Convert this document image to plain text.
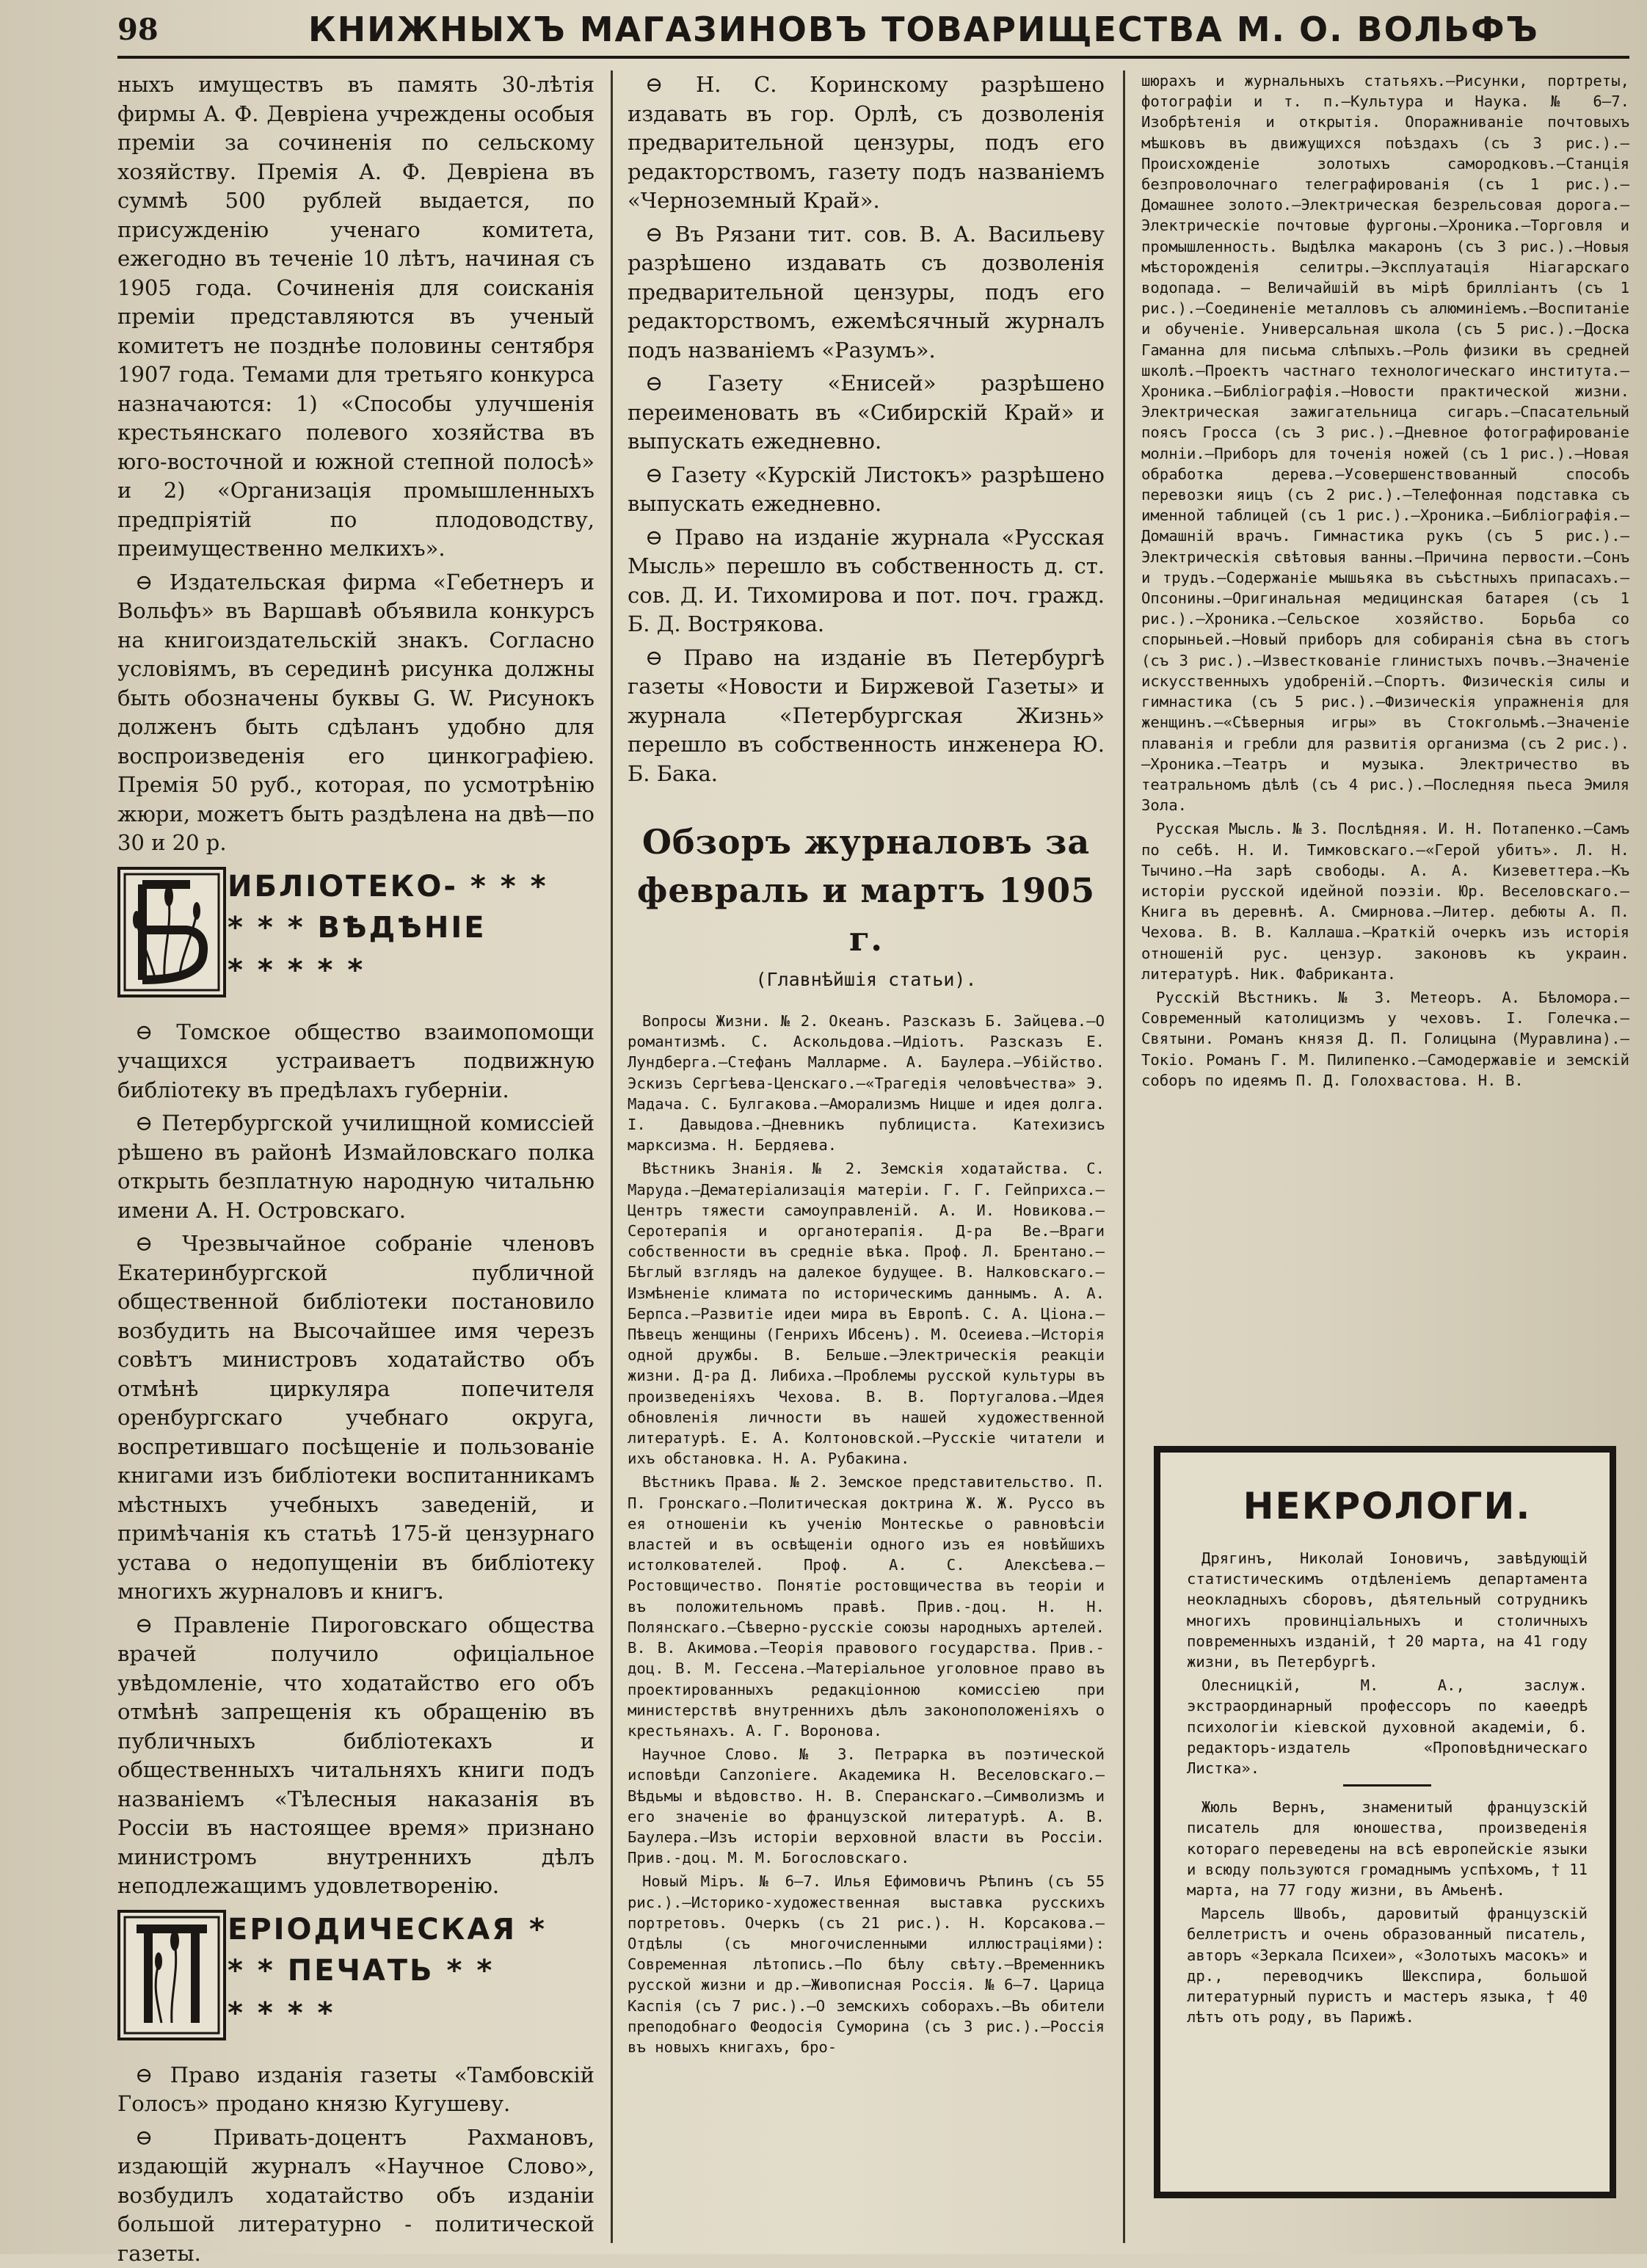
98	КНИЖНЫХЪ МАГАЗИНОВЪ ТОВАРИЩЕСТВА М. О. ВОЛЬФЪ

ныхъ имуществъ въ память 30-лѣтія фирмы А. Ф. Девріена учреждены особыя преміи за сочиненія по сельскому хозяйству. Премія А. Ф. Девріена въ суммѣ 500 рублей выдается, по присужденію ученаго комитета, ежегодно въ теченіе 10 лѣтъ, начиная съ 1905 года. Сочиненія для соисканія преміи представляются въ ученый комитетъ не позднѣе половины сентября 1907 года. Темами для третьяго конкурса назначаются: 1) «Способы улучшенія крестьянскаго полевого хозяйства въ юго-восточной и южной степной полосѣ» и 2) «Организація промышленныхъ предпріятій по плодоводству, преимущественно мелкихъ».

⊖ Издательская фирма «Гебетнеръ и Вольфъ» въ Варшавѣ объявила конкурсъ на книгоиздательскій знакъ. Согласно условіямъ, въ серединѣ рисунка должны быть обозначены буквы G. W. Рисунокъ долженъ быть сдѣланъ удобно для воспроизведенія его цинкографіею. Премія 50 руб., которая, по усмотрѣнію жюри, можетъ быть раздѣлена на двѣ—по 30 и 20 р.

ИБЛІОТЕКО- * * *
* * * ВѢДѢНІЕ
* * * * *

⊖ Томское общество взаимопомощи учащихся устраиваетъ подвижную библіотеку въ предѣлахъ губерніи.

⊖ Петербургской училищной комиссіей рѣшено въ районѣ Измайловскаго полка открыть безплатную народную читальню имени А. Н. Островскаго.

⊖ Чрезвычайное собраніе членовъ Екатеринбургской публичной общественной библіотеки постановило возбудить на Высочайшее имя черезъ совѣтъ министровъ ходатайство объ отмѣнѣ циркуляра попечителя оренбургскаго учебнаго округа, воспретившаго посѣщеніе и пользованіе книгами изъ библіотеки воспитанникамъ мѣстныхъ учебныхъ заведеній, и примѣчанія къ статьѣ 175-й цензурнаго устава о недопущеніи въ библіотеку многихъ журналовъ и книгъ.

⊖ Правленіе Пироговскаго общества врачей получило офиціальное увѣдомленіе, что ходатайство его объ отмѣнѣ запрещенія къ обращенію въ публичныхъ библіотекахъ и общественныхъ читальняхъ книги подъ названіемъ «Тѣлесныя наказанія въ Россіи въ настоящее время» признано министромъ внутреннихъ дѣлъ неподлежащимъ удовлетворенію.

ЕРІОДИЧЕСКАЯ *
* * ПЕЧАТЬ * *
* * * *

⊖ Право изданія газеты «Тамбовскій Голосъ» продано князю Кугушеву.

⊖ Привать-доцентъ Рахмановъ, издающій журналъ «Научное Слово», возбудилъ ходатайство объ изданіи большой литературно - политической газеты.

⊖ Н. С. Коринскому разрѣшено издавать въ гор. Орлѣ, съ дозволенія предварительной цензуры, подъ его редакторствомъ, газету подъ названіемъ «Черноземный Край».

⊖ Въ Рязани тит. сов. В. А. Васильеву разрѣшено издавать съ дозволенія предварительной цензуры, подъ его редакторствомъ, ежемѣсячный журналъ подъ названіемъ «Разумъ».

⊖ Газету «Енисей» разрѣшено переименовать въ «Сибирскій Край» и выпускать ежедневно.

⊖ Газету «Курскій Листокъ» разрѣшено выпускать ежедневно.

⊖ Право на изданіе журнала «Русская Мысль» перешло въ собственность д. ст. сов. Д. И. Тихомирова и пот. поч. гражд. Б. Д. Вострякова.

⊖ Право на изданіе въ Петербургѣ газеты «Новости и Биржевой Газеты» и журнала «Петербургская Жизнь» перешло въ собственность инженера Ю. Б. Бака.

Обзоръ журналовъ за февраль и мартъ 1905 г.
(Главнѣйшія статьи).

Вопросы Жизни. № 2. Океанъ. Разсказъ Б. Зайцева.—О романтизмѣ. С. Аскольдова.—Идіотъ. Разсказъ Е. Лундберга.—Стефанъ Малларме. А. Баулера.—Убійство. Эскизъ Сергѣева-Ценскаго.—«Трагедія человѣчества» Э. Мадача. С. Булгакова.—Аморализмъ Ницше и идея долга. I. Давыдова.—Дневникъ публициста. Катехизисъ марксизма. Н. Бердяева.

Вѣстникъ Знанія. № 2. Земскія ходатайства. С. Маруда.—Дематеріализація матеріи. Г. Г. Гейприхса.—Центръ тяжести самоуправленій. А. И. Новикова.—Серотерапія и органотерапія. Д-ра Ве.—Враги собственности въ средніе вѣка. Проф. Л. Брентано.—Бѣглый взглядъ на далекое будущее. В. Налковскаго.—Измѣненіе климата по историческимъ даннымъ. А. А. Берпса.—Развитіе идеи мира въ Европѣ. С. А. Ціона.—Пѣвецъ женщины (Генрихъ Ибсенъ). М. Осеиева.—Исторія одной дружбы. В. Бельше.—Электрическія реакціи жизни. Д-ра Д. Либиха.—Проблемы русской культуры въ произведеніяхъ Чехова. В. В. Португалова.—Идея обновленія личности въ нашей художественной литературѣ. Е. А. Колтоновской.—Русскіе читатели и ихъ обстановка. Н. А. Рубакина.

Вѣстникъ Права. № 2. Земское представительство. П. П. Гронскаго.—Политическая доктрина Ж. Ж. Руссо въ ея отношеніи къ ученію Монтескье о равновѣсіи властей и въ освѣщеніи одного изъ ея новѣйшихъ истолкователей. Проф. А. С. Алексѣева.—Ростовщичество. Понятіе ростовщичества въ теоріи и въ положительномъ правѣ. Прив.-доц. Н. Н. Полянскаго.—Сѣверно-русскіе союзы народныхъ артелей. В. В. Акимова.—Теорія правового государства. Прив.-доц. В. М. Гессена.—Матеріальное уголовное право въ проектированныхъ редакціонною комиссіею при министерствѣ внутреннихъ дѣлъ законоположеніяхъ о крестьянахъ. А. Г. Воронова.

Научное Слово. № 3. Петрарка въ поэтической исповѣди Canzoniere. Академика Н. Веселовскаго.—Вѣдьмы и вѣдовство. Н. В. Сперанскаго.—Символизмъ и его значеніе во французской литературѣ. А. В. Баулера.—Изъ исторіи верховной власти въ Россіи. Прив.-доц. М. М. Богословскаго.

Новый Міръ. № 6—7. Илья Ефимовичъ Рѣпинъ (съ 55 рис.).—Историко-художественная выставка русскихъ портретовъ. Очеркъ (съ 21 рис.). Н. Корсакова.—Отдѣлы (съ многочисленными иллюстраціями): Современная лѣтопись.—По бѣлу свѣту.—Временникъ русской жизни и др.—Живописная Россія. № 6—7. Царица Каспія (съ 7 рис.).—О земскихъ соборахъ.—Въ обители преподобнаго Феодосія Суморина (съ 3 рис.).—Россія въ новыхъ книгахъ, бро-

шюрахъ и журнальныхъ статьяхъ.—Рисунки, портреты, фотографіи и т. п.—Культура и Наука. № 6—7. Изобрѣтенія и открытія. Опоражниваніе почтовыхъ мѣшковъ въ движущихся поѣздахъ (съ 3 рис.).—Происхожденіе золотыхъ самородковъ.—Станція безпроволочнаго телеграфированія (съ 1 рис.).—Домашнее золото.—Электрическая безрельсовая дорога.—Электрическіе почтовые фургоны.—Хроника.—Торговля и промышленность. Выдѣлка макаронъ (съ 3 рис.).—Новыя мѣсторожденія селитры.—Эксплуатація Ніагарскаго водопада. — Величайшій въ мірѣ брилліантъ (съ 1 рис.).—Соединеніе металловъ съ алюминіемъ.—Воспитаніе и обученіе. Универсальная школа (съ 5 рис.).—Доска Гаманна для письма слѣпыхъ.—Роль физики въ средней школѣ.—Проектъ частнаго технологическаго института.—Хроника.—Библіографія.—Новости практической жизни. Электрическая зажигательница сигаръ.—Спасательный поясъ Гросса (съ 3 рис.).—Дневное фотографированіе молніи.—Приборъ для точенія ножей (съ 1 рис.).—Новая обработка дерева.—Усовершенствованный способъ перевозки яицъ (съ 2 рис.).—Телефонная подставка съ именной таблицей (съ 1 рис.).—Хроника.—Библіографія.—Домашній врачъ. Гимнастика рукъ (съ 5 рис.).—Электрическія свѣтовыя ванны.—Причина первости.—Сонъ и трудъ.—Содержаніе мышьяка въ съѣстныхъ припасахъ.—Опсонины.—Оригинальная медицинская батарея (съ 1 рис.).—Хроника.—Сельское хозяйство. Борьба со спорыньей.—Новый приборъ для собиранія сѣна въ стогъ (съ 3 рис.).—Известкованіе глинистыхъ почвъ.—Значеніе искусственныхъ удобреній.—Спортъ. Физическія силы и гимнастика (съ 5 рис.).—Физическія упражненія для женщинъ.—«Сѣверныя игры» въ Стокгольмѣ.—Значеніе плаванія и гребли для развитія организма (съ 2 рис.).—Хроника.—Театръ и музыка. Электричество въ театральномъ дѣлѣ (съ 4 рис.).—Последняя пьеса Эмиля Зола.

Русская Мысль. № 3. Послѣдняя. И. Н. Потапенко.—Самъ по себѣ. Н. И. Тимковскаго.—«Герой убитъ». Л. Н. Тычино.—На зарѣ свободы. А. А. Кизеветтера.—Къ исторіи русской идейной поэзіи. Юр. Веселовскаго.—Книга въ деревнѣ. А. Смирнова.—Литер. дебюты А. П. Чехова. В. В. Каллаша.—Краткій очеркъ изъ исторія отношеній рус. цензур. законовъ къ украин. литературѣ. Ник. Фабриканта.

Русскій Вѣстникъ. № 3. Метеоръ. А. Бѣломора.—Современный католицизмъ у чеховъ. I. Голечка.—Святыни. Романъ князя Д. П. Голицына (Муравлина).—Токіо. Романъ Г. М. Пилипенко.—Самодержавіе и земскій соборъ по идеямъ П. Д. Голохвастова. Н. В.

НЕКРОЛОГИ.

Дрягинъ, Николай Іоновичъ, завѣдующій статистическимъ отдѣленіемъ департамента неокладныхъ сборовъ, дѣятельный сотрудникъ многихъ провинціальныхъ и столичныхъ повременныхъ изданій, † 20 марта, на 41 году жизни, въ Петербургѣ.

Олесницкій, М. А., заслуж. экстраординарный профессоръ по каѳедрѣ психологіи кіевской духовной академіи, б. редакторъ-издатель «Проповѣдническаго Листка».

Жюль Вернъ, знаменитый французскій писатель для юношества, произведенія котораго переведены на всѣ европейскіе языки и всюду пользуются громаднымъ успѣхомъ, † 11 марта, на 77 году жизни, въ Амьенѣ.

Марсель Швобъ, даровитый французскій беллетристъ и очень образованный писатель, авторъ «Зеркала Психеи», «Золотыхъ масокъ» и др., переводчикъ Шекспира, большой литературный пуристъ и мастеръ языка, † 40 лѣтъ отъ роду, въ Парижѣ.
